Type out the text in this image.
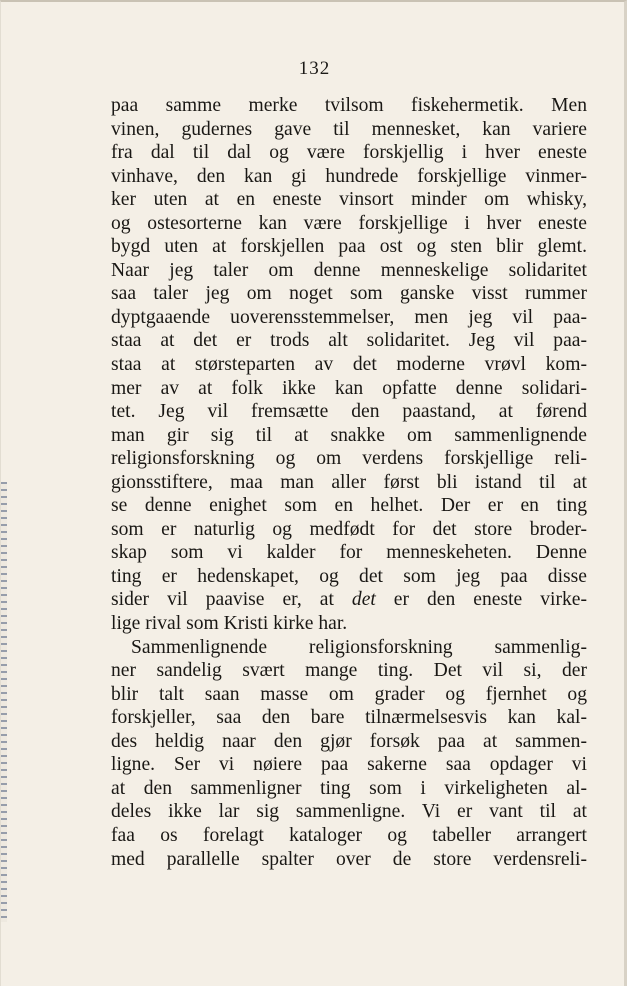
132
paa samme merke tvilsom fiskehermetik. Men
vinen, gudernes gave til mennesket, kan variere
fra dal til dal og være forskjellig i hver eneste
vinhave, den kan gi hundrede forskjellige vinmer-
ker uten at en eneste vinsort minder om whisky,
og ostesorterne kan være forskjellige i hver eneste
bygd uten at forskjellen paa ost og sten blir glemt.
Naar jeg taler om denne menneskelige solidaritet
saa taler jeg om noget som ganske visst rummer
dyptgaaende uoverensstemmelser, men jeg vil paa-
staa at det er trods alt solidaritet. Jeg vil paa-
staa at størsteparten av det moderne vrøvl kom-
mer av at folk ikke kan opfatte denne solidari-
tet. Jeg vil fremsætte den paastand, at førend
man gir sig til at snakke om sammenlignende
religionsforskning og om verdens forskjellige reli-
gionsstiftere, maa man aller først bli istand til at
se denne enighet som en helhet. Der er en ting
som er naturlig og medfødt for det store broder-
skap som vi kalder for menneskeheten. Denne
ting er hedenskapet, og det som jeg paa disse
sider vil paavise er, at det er den eneste virke-
lige rival som Kristi kirke har.
Sammenlignende religionsforskning sammenlig-
ner sandelig svært mange ting. Det vil si, der
blir talt saan masse om grader og fjernhet og
forskjeller, saa den bare tilnærmelsesvis kan kal-
des heldig naar den gjør forsøk paa at sammen-
ligne. Ser vi nøiere paa sakerne saa opdager vi
at den sammenligner ting som i virkeligheten al-
deles ikke lar sig sammenligne. Vi er vant til at
faa os forelagt kataloger og tabeller arrangert
med parallelle spalter over de store verdensreli-
